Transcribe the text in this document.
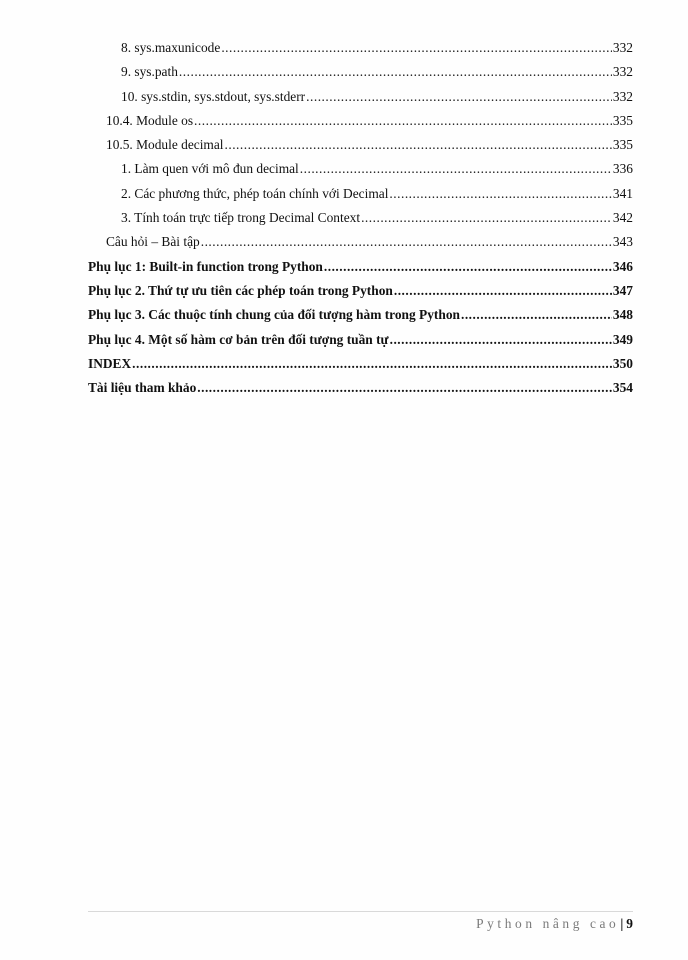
8. sys.maxunicode .....	332
9. sys.path .....	332
10. sys.stdin, sys.stdout, sys.stderr .....	332
10.4. Module os .....	335
10.5. Module decimal .....	335
1. Làm quen với mô đun decimal .....	336
2. Các phương thức, phép toán chính với Decimal .....	341
3. Tính toán trực tiếp trong Decimal Context .....	342
Câu hỏi – Bài tập .....	343
Phụ lục 1: Built-in function trong Python .....	346
Phụ lục 2. Thứ tự ưu tiên các phép toán trong Python .....	347
Phụ lục 3. Các thuộc tính chung của đối tượng hàm trong Python .....	348
Phụ lục 4. Một số hàm cơ bản trên đối tượng tuần tự .....	349
INDEX .....	350
Tài liệu tham khảo .....	354
Python nâng cao | 9
